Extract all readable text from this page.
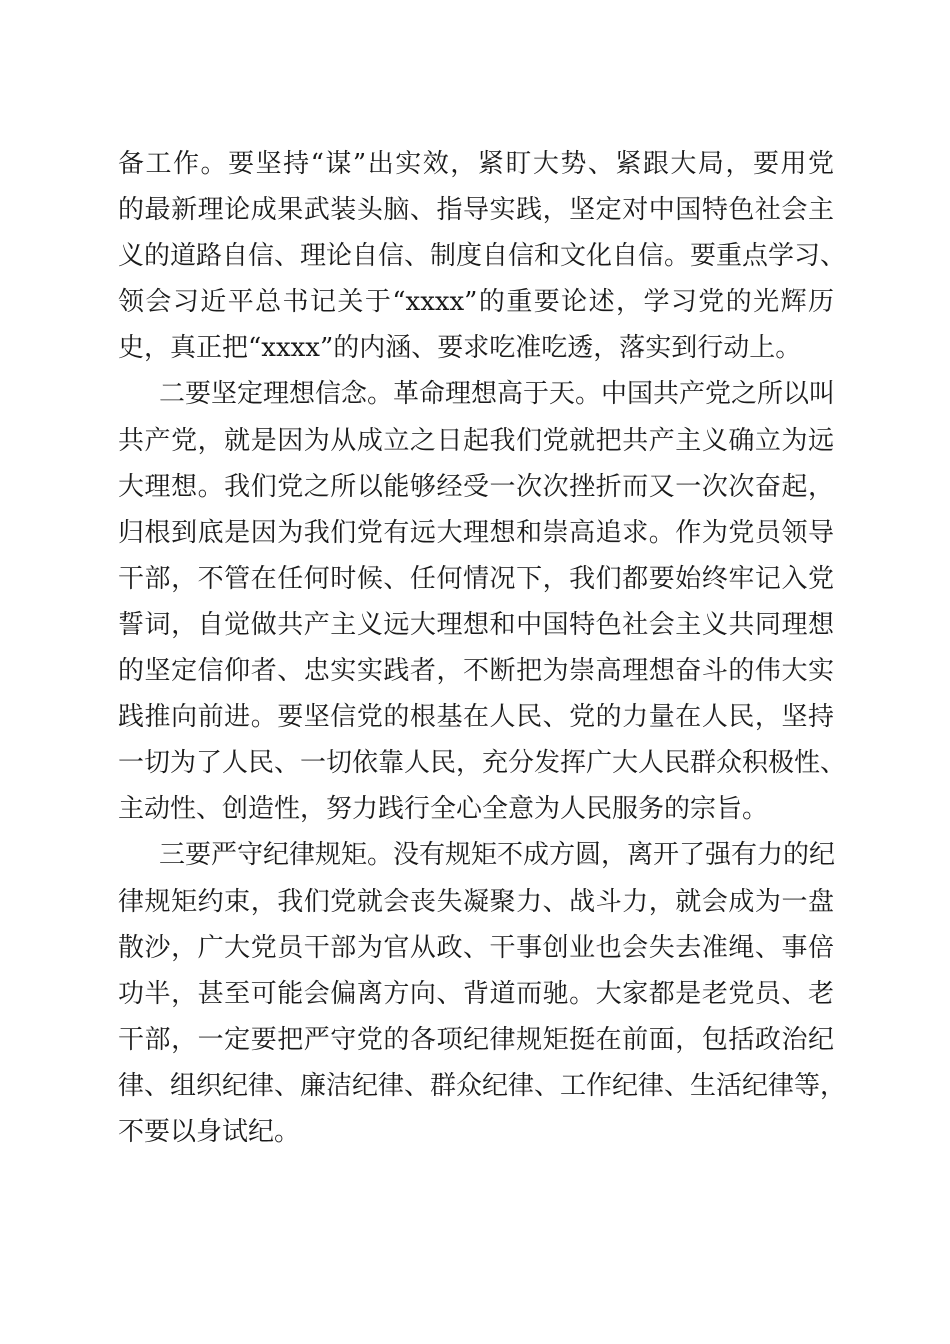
备工作。要坚持“谋”出实效，紧盯大势、紧跟大局，要用党
的最新理论成果武装头脑、指导实践，坚定对中国特色社会主
义的道路自信、理论自信、制度自信和文化自信。要重点学习、
领会习近平总书记关于“xxxx”的重要论述，学习党的光辉历
史，真正把“xxxx”的内涵、要求吃准吃透，落实到行动上。
二要坚定理想信念。革命理想高于天。中国共产党之所以叫
共产党，就是因为从成立之日起我们党就把共产主义确立为远
大理想。我们党之所以能够经受一次次挫折而又一次次奋起，
归根到底是因为我们党有远大理想和崇高追求。作为党员领导
干部，不管在任何时候、任何情况下，我们都要始终牢记入党
誓词，自觉做共产主义远大理想和中国特色社会主义共同理想
的坚定信仰者、忠实实践者，不断把为崇高理想奋斗的伟大实
践推向前进。要坚信党的根基在人民、党的力量在人民，坚持
一切为了人民、一切依靠人民，充分发挥广大人民群众积极性、
主动性、创造性，努力践行全心全意为人民服务的宗旨。
三要严守纪律规矩。没有规矩不成方圆，离开了强有力的纪
律规矩约束，我们党就会丧失凝聚力、战斗力，就会成为一盘
散沙，广大党员干部为官从政、干事创业也会失去准绳、事倍
功半，甚至可能会偏离方向、背道而驰。大家都是老党员、老
干部，一定要把严守党的各项纪律规矩挺在前面，包括政治纪
律、组织纪律、廉洁纪律、群众纪律、工作纪律、生活纪律等，
不要以身试纪。
